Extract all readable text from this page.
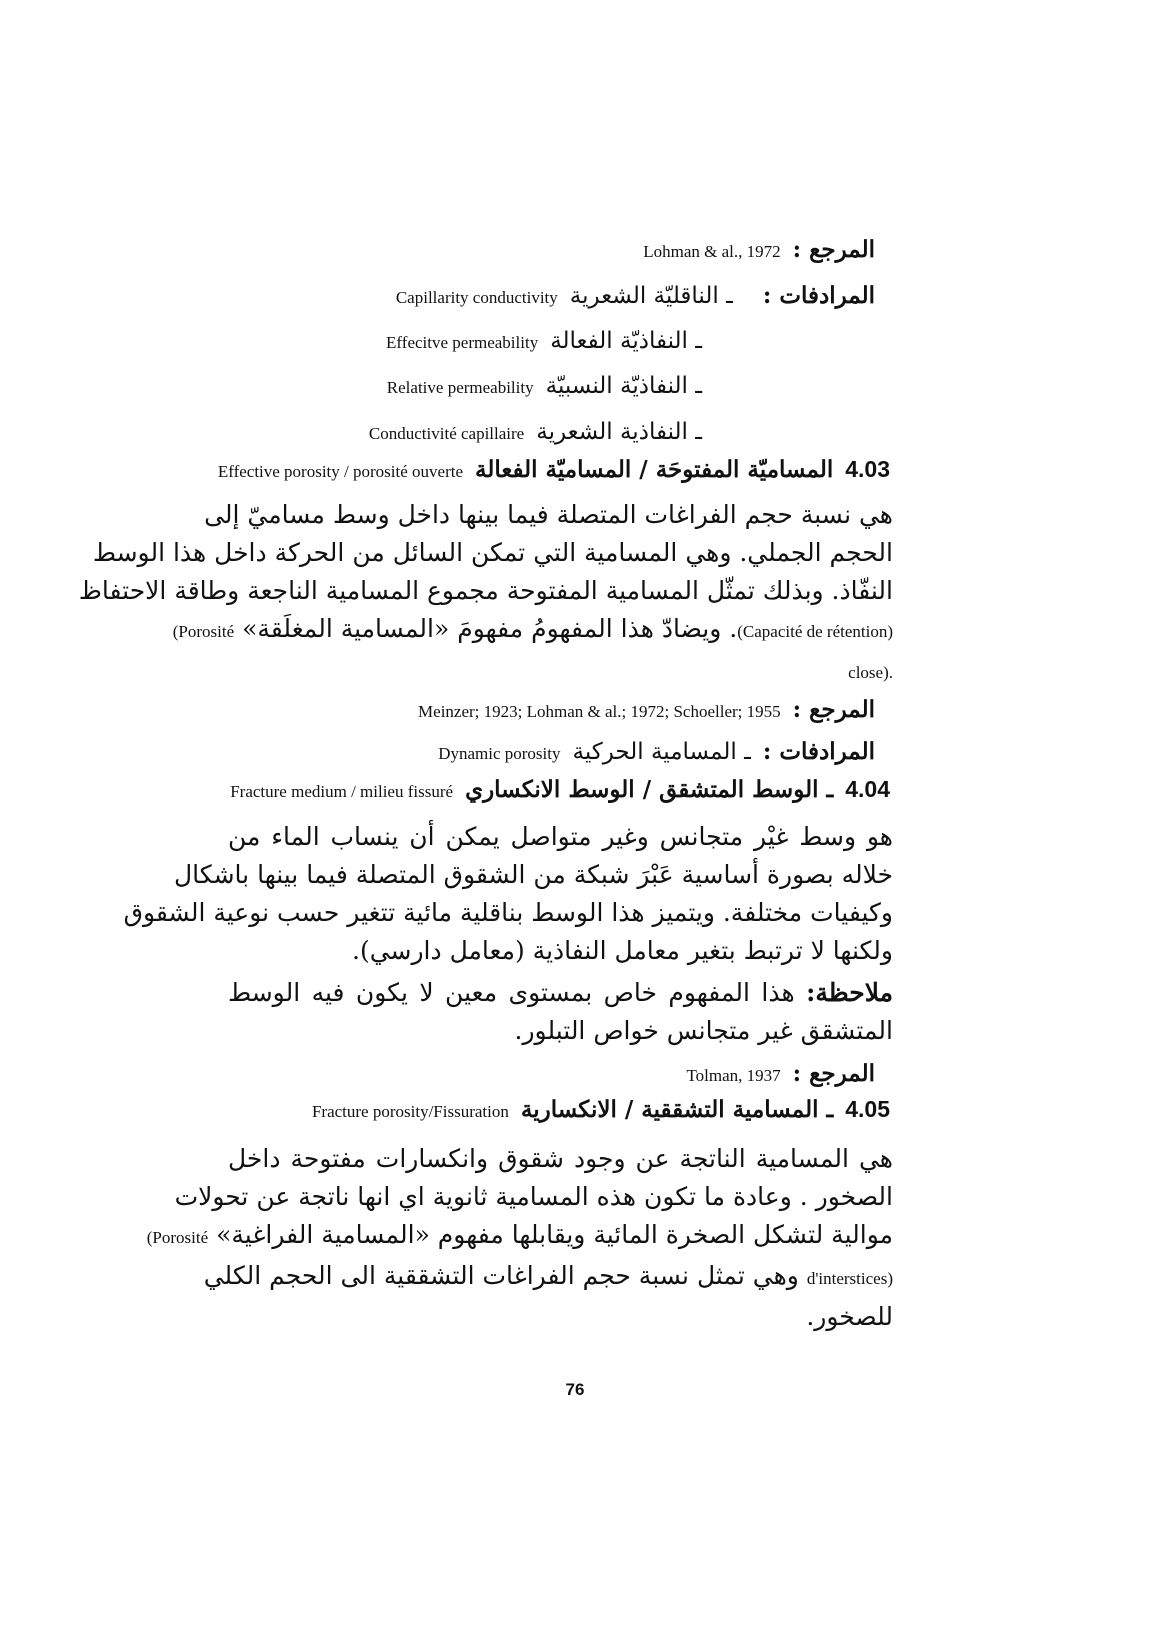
المرجع :Lohman & al., 1972
المرادفات :ـ الناقليّة الشعريةCapillarity conductivity
ـ النفاذيّة الفعالةEffecitve permeability
ـ النفاذيّة النسبيّةRelative permeability
ـ النفاذية الشعريةConductivité capillaire
4.03المساميّة المفتوحَة / المساميّة الفعالةEffective porosity / porosité ouverte
هي نسبة حجم الفراغات المتصلة فيما بينها داخل وسط مساميّ إلى
الحجم الجملي. وهي المسامية التي تمكن السائل من الحركة داخل هذا الوسط
النفّاذ. وبذلك تمثّل المسامية المفتوحة مجموع المسامية الناجعة وطاقة الاحتفاظ
(Capacité de rétention). ويضادّ هذا المفهومُ مفهومَ «المسامية المغلَقة» (Porosité
close).
المرجع :Meinzer; 1923; Lohman & al.; 1972; Schoeller; 1955
المرادفات :ـ المسامية الحركيةDynamic porosity
4.04ـ الوسط المتشقق / الوسط الانكساريFracture medium / milieu fissuré
هو وسط غيْر متجانس وغير متواصل يمكن أن ينساب الماء من
خلاله بصورة أساسية عَبْرَ شبكة من الشقوق المتصلة فيما بينها باشكال
وكيفيات مختلفة. ويتميز هذا الوسط بناقلية مائية تتغير حسب نوعية الشقوق
ولكنها لا ترتبط بتغير معامل النفاذية (معامل دارسي).
ملاحظة: هذا المفهوم خاص بمستوى معين لا يكون فيه الوسط
المتشقق غير متجانس خواص التبلور.
المرجع :Tolman, 1937
4.05ـ المسامية التشققية / الانكساريةFracture porosity/Fissuration
هي المسامية الناتجة عن وجود شقوق وانكسارات مفتوحة داخل
الصخور . وعادة ما تكون هذه المسامية ثانوية اي انها ناتجة عن تحولات
موالية لتشكل الصخرة المائية ويقابلها مفهوم «المسامية الفراغية» (Porosité
d'interstices) وهي تمثل نسبة حجم الفراغات التشققية الى الحجم الكلي
للصخور.
76
